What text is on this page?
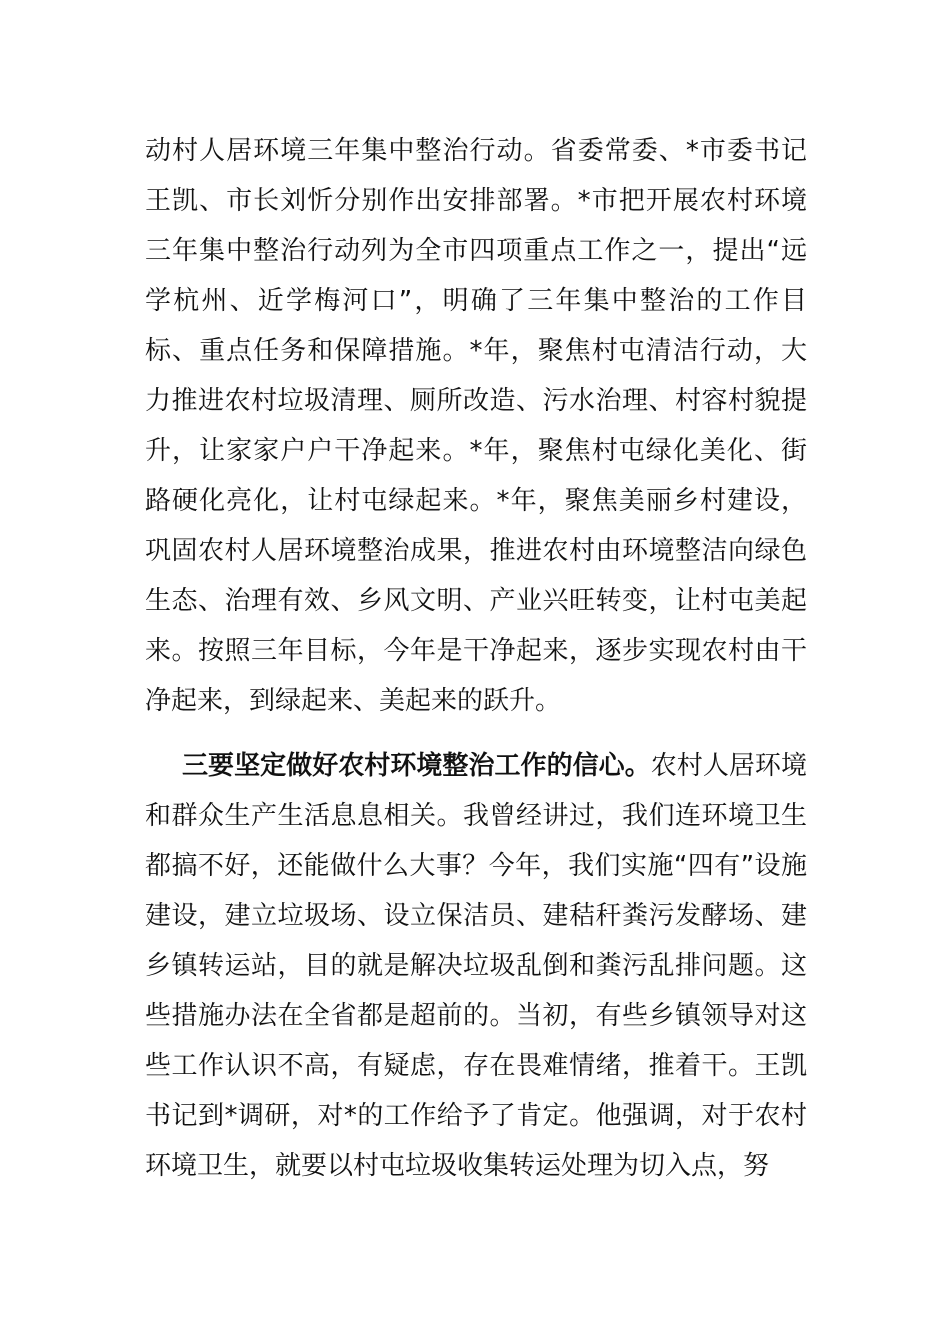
动村人居环境三年集中整治行动。省委常委、*市委书记王凯、市长刘忻分别作出安排部署。*市把开展农村环境三年集中整治行动列为全市四项重点工作之一，提出“远学杭州、近学梅河口”，明确了三年集中整治的工作目标、重点任务和保障措施。*年，聚焦村屯清洁行动，大力推进农村垃圾清理、厕所改造、污水治理、村容村貌提升，让家家户户干净起来。*年，聚焦村屯绿化美化、街路硬化亮化，让村屯绿起来。*年，聚焦美丽乡村建设，巩固农村人居环境整治成果，推进农村由环境整洁向绿色生态、治理有效、乡风文明、产业兴旺转变，让村屯美起来。按照三年目标，今年是干净起来，逐步实现农村由干净起来，到绿起来、美起来的跃升。

三要坚定做好农村环境整治工作的信心。农村人居环境和群众生产生活息息相关。我曾经讲过，我们连环境卫生都搞不好，还能做什么大事？今年，我们实施“四有”设施建设，建立垃圾场、设立保洁员、建秸秆粪污发酵场、建乡镇转运站，目的就是解决垃圾乱倒和粪污乱排问题。这些措施办法在全省都是超前的。当初，有些乡镇领导对这些工作认识不高，有疑虑，存在畏难情绪，推着干。王凯书记到*调研，对*的工作给予了肯定。他强调，对于农村环境卫生，就要以村屯垃圾收集转运处理为切入点，努
